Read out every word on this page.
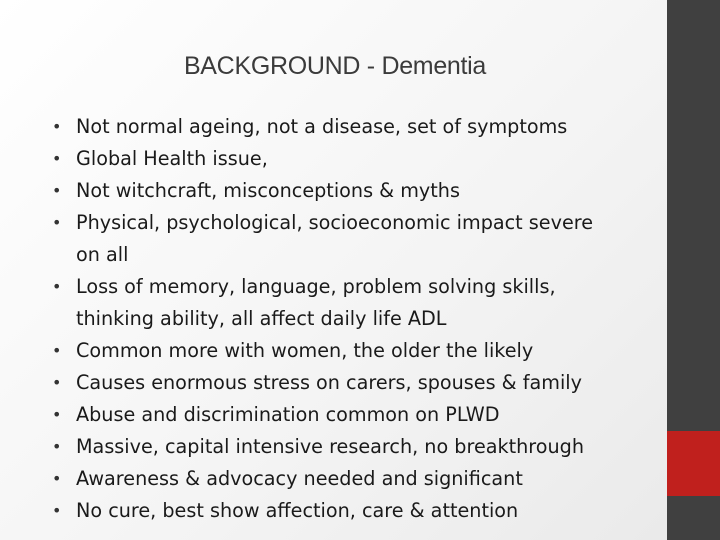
BACKGROUND - Dementia
• Not normal ageing, not a disease, set of symptoms
• Global Health issue,
• Not witchcraft, misconceptions & myths
• Physical, psychological, socioeconomic impact severe on all
• Loss of memory, language, problem solving skills, thinking ability, all affect daily life ADL
• Common more with women, the older the likely
• Causes enormous stress on carers, spouses & family
• Abuse and discrimination common on PLWD
• Massive, capital intensive research, no breakthrough
• Awareness & advocacy needed and significant
• No cure, best show affection, care & attention
